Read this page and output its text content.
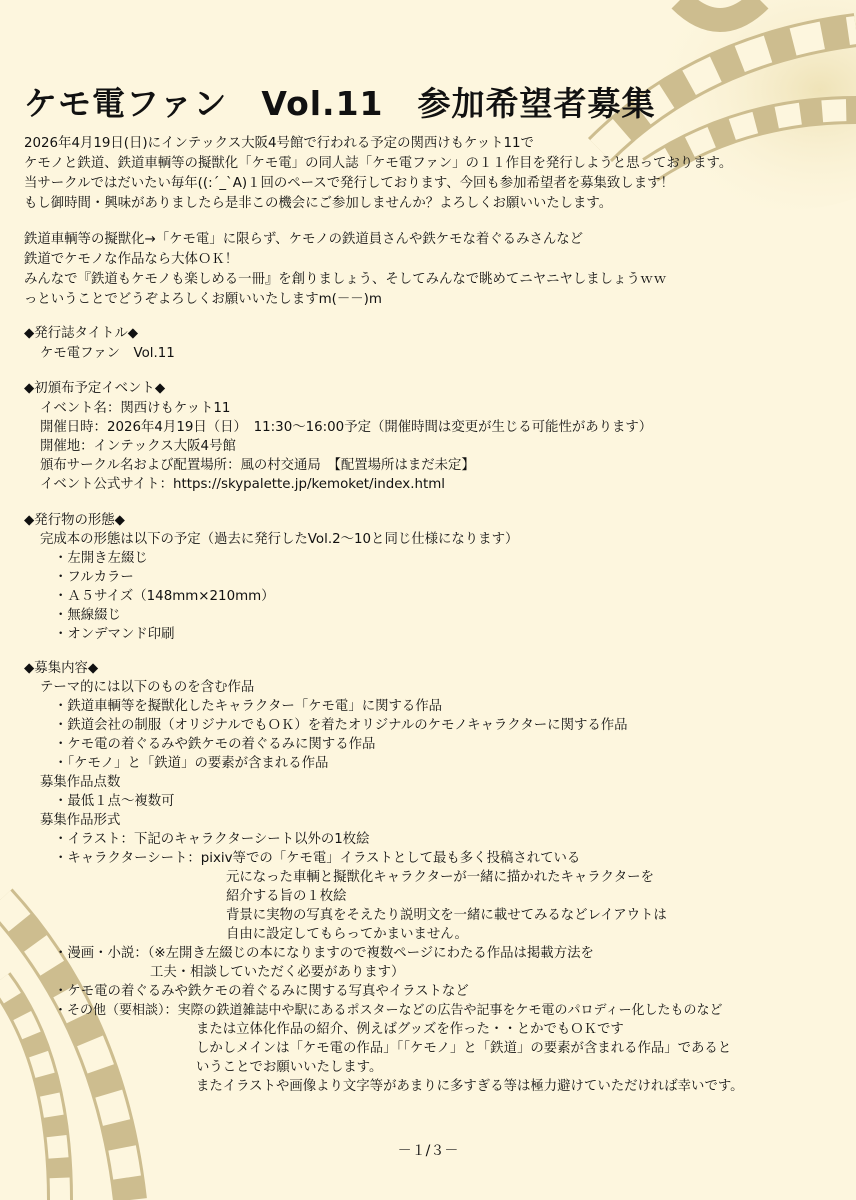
ケモ電ファン　Vol.11　参加希望者募集
2026年4月19日(日)にインテックス大阪4号館で行われる予定の関西けもケット11で
ケモノと鉄道、鉄道車輌等の擬獣化「ケモ電」の同人誌「ケモ電ファン」の１１作目を発行しようと思っております。
当サークルではだいたい毎年((:´_`A)１回のペースで発行しております、今回も参加希望者を募集致します！
もし御時間・興味がありましたら是非この機会にご参加しませんか？よろしくお願いいたします。
鉄道車輌等の擬獣化→「ケモ電」に限らず、ケモノの鉄道員さんや鉄ケモな着ぐるみさんなど
鉄道でケモノな作品なら大体ＯＫ！
みんなで『鉄道もケモノも楽しめる一冊』を創りましょう、そしてみんなで眺めてニヤニヤしましょうｗｗ
っということでどうぞよろしくお願いいたしますm(－－)m
◆発行誌タイトル◆
ケモ電ファン　Vol.11
◆初頒布予定イベント◆
イベント名：関西けもケット11
開催日時：2026年4月19日（日）　11:30～16:00予定（開催時間は変更が生じる可能性があります）
開催地：インテックス大阪4号館
頒布サークル名および配置場所：風の村交通局　【配置場所はまだ未定】
イベント公式サイト：https://skypalette.jp/kemoket/index.html
◆発行物の形態◆
完成本の形態は以下の予定（過去に発行したVol.2～10と同じ仕様になります）
・左開き左綴じ
・フルカラー
・Ａ５サイズ（148mm×210mm）
・無線綴じ
・オンデマンド印刷
◆募集内容◆
テーマ的には以下のものを含む作品
・鉄道車輌等を擬獣化したキャラクター「ケモ電」に関する作品
・鉄道会社の制服（オリジナルでもＯＫ）を着たオリジナルのケモノキャラクターに関する作品
・ケモ電の着ぐるみや鉄ケモの着ぐるみに関する作品
・「ケモノ」と「鉄道」の要素が含まれる作品
募集作品点数
・最低１点～複数可
募集作品形式
・イラスト：下記のキャラクターシート以外の1枚絵
・キャラクターシート：pixiv等での「ケモ電」イラストとして最も多く投稿されている
元になった車輌と擬獣化キャラクターが一緒に描かれたキャラクターを
紹介する旨の１枚絵
背景に実物の写真をそえたり説明文を一緒に載せてみるなどレイアウトは
自由に設定してもらってかまいません。
・漫画・小説：（※左開き左綴じの本になりますので複数ページにわたる作品は掲載方法を
工夫・相談していただく必要があります）
・ケモ電の着ぐるみや鉄ケモの着ぐるみに関する写真やイラストなど
・その他（要相談）：実際の鉄道雑誌中や駅にあるポスターなどの広告や記事をケモ電のパロディー化したものなど
または立体化作品の紹介、例えばグッズを作った・・とかでもＯＫです
しかしメインは「ケモ電の作品」「「ケモノ」と「鉄道」の要素が含まれる作品」であると
いうことでお願いいたします。
またイラストや画像より文字等があまりに多すぎる等は極力避けていただければ幸いです。
－１/３－
